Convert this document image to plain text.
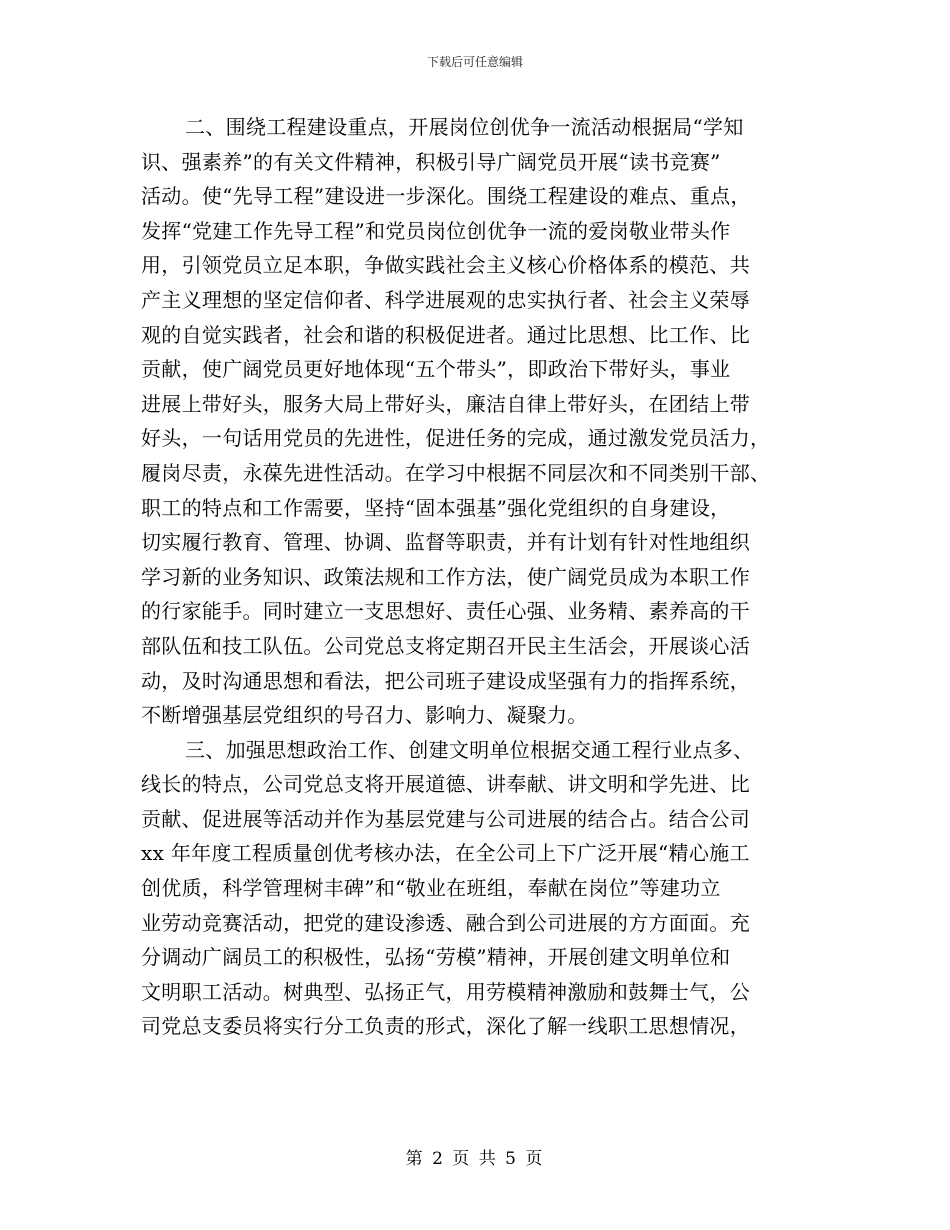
下载后可任意编辑

二、围绕工程建设重点，开展岗位创优争一流活动根据局“学知
识、强素养”的有关文件精神，积极引导广阔党员开展“读书竞赛”
活动。使“先导工程”建设进一步深化。围绕工程建设的难点、重点，
发挥“党建工作先导工程”和党员岗位创优争一流的爱岗敬业带头作
用，引领党员立足本职，争做实践社会主义核心价格体系的模范、共
产主义理想的坚定信仰者、科学进展观的忠实执行者、社会主义荣辱
观的自觉实践者，社会和谐的积极促进者。通过比思想、比工作、比
贡献，使广阔党员更好地体现“五个带头”，即政治下带好头，事业
进展上带好头，服务大局上带好头，廉洁自律上带好头，在团结上带
好头，一句话用党员的先进性，促进任务的完成，通过激发党员活力，
履岗尽责，永葆先进性活动。在学习中根据不同层次和不同类别干部、
职工的特点和工作需要，坚持“固本强基”强化党组织的自身建设，
切实履行教育、管理、协调、监督等职责，并有计划有针对性地组织
学习新的业务知识、政策法规和工作方法，使广阔党员成为本职工作
的行家能手。同时建立一支思想好、责任心强、业务精、素养高的干
部队伍和技工队伍。公司党总支将定期召开民主生活会，开展谈心活
动，及时沟通思想和看法，把公司班子建设成坚强有力的指挥系统，
不断增强基层党组织的号召力、影响力、凝聚力。

三、加强思想政治工作、创建文明单位根据交通工程行业点多、
线长的特点，公司党总支将开展道德、讲奉献、讲文明和学先进、比
贡献、促进展等活动并作为基层党建与公司进展的结合占。结合公司
xx 年年度工程质量创优考核办法，在全公司上下广泛开展“精心施工
创优质，科学管理树丰碑”和“敬业在班组，奉献在岗位”等建功立
业劳动竞赛活动，把党的建设渗透、融合到公司进展的方方面面。充
分调动广阔员工的积极性，弘扬“劳模”精神，开展创建文明单位和
文明职工活动。树典型、弘扬正气，用劳模精神激励和鼓舞士气，公
司党总支委员将实行分工负责的形式，深化了解一线职工思想情况，

第 2 页 共 5 页
